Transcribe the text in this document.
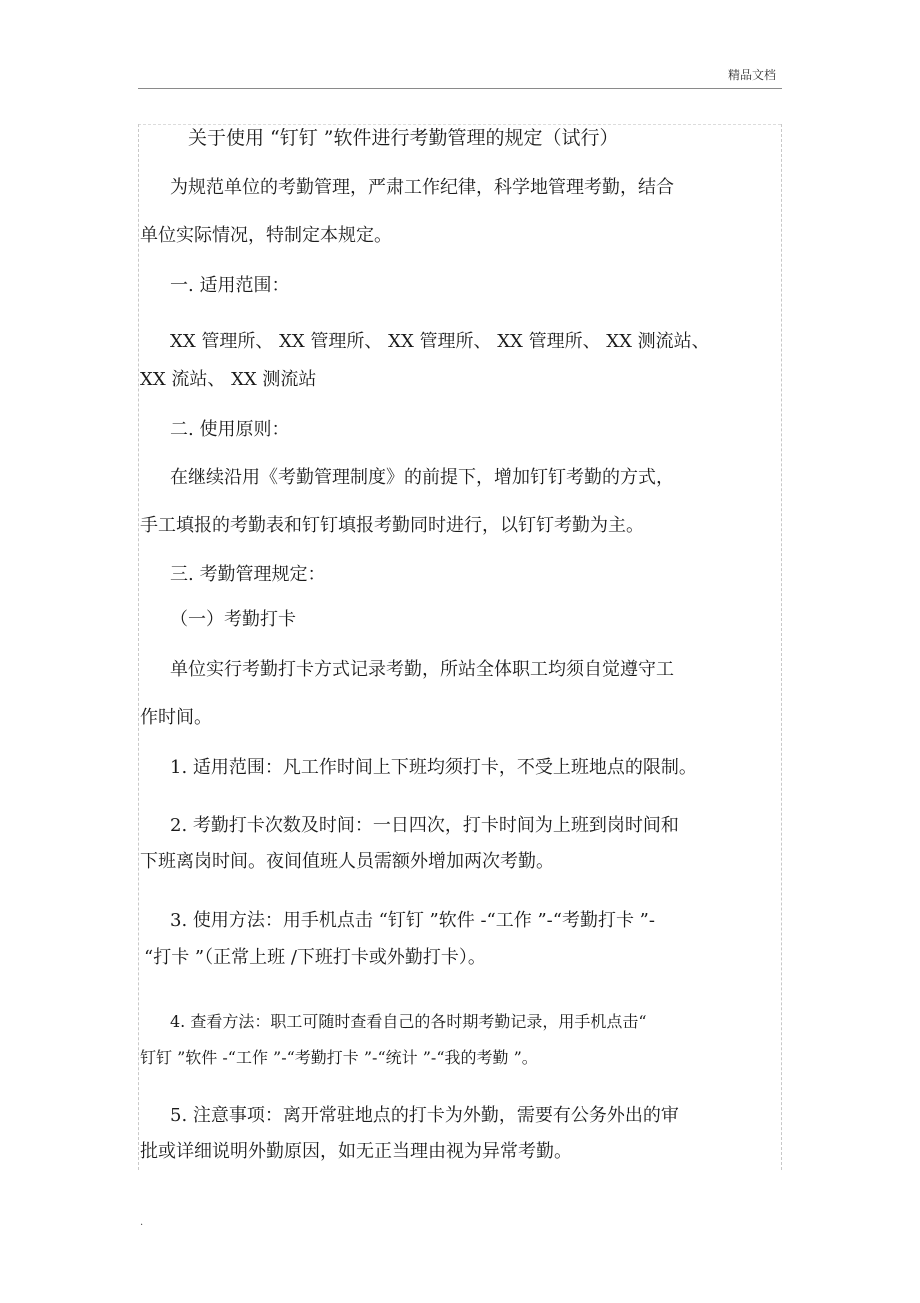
精品文档
关于使用 “钉钉 ”软件进行考勤管理的规定（试行）
为规范单位的考勤管理，严肃工作纪律，科学地管理考勤，结合
单位实际情况，特制定本规定。
一. 适用范围：
XX 管理所、 XX 管理所、 XX 管理所、 XX 管理所、 XX 测流站、
XX 流站、 XX 测流站
二. 使用原则：
在继续沿用《考勤管理制度》的前提下，增加钉钉考勤的方式，
手工填报的考勤表和钉钉填报考勤同时进行，以钉钉考勤为主。
三. 考勤管理规定：
（一）考勤打卡
单位实行考勤打卡方式记录考勤，所站全体职工均须自觉遵守工
作时间。
1. 适用范围：凡工作时间上下班均须打卡，不受上班地点的限制。
2. 考勤打卡次数及时间：一日四次，打卡时间为上班到岗时间和
下班离岗时间。夜间值班人员需额外增加两次考勤。
3. 使用方法：用手机点击 “钉钉 ”软件 -“工作 ”-“考勤打卡 ”-
“打卡 ”（正常上班 /下班打卡或外勤打卡）。
4. 查看方法：职工可随时查看自己的各时期考勤记录，用手机点击“
钉钉 ”软件 -“工作 ”-“考勤打卡 ”-“统计 ”-“我的考勤 ”。
5. 注意事项：离开常驻地点的打卡为外勤，需要有公务外出的审
批或详细说明外勤原因，如无正当理由视为异常考勤。
.
